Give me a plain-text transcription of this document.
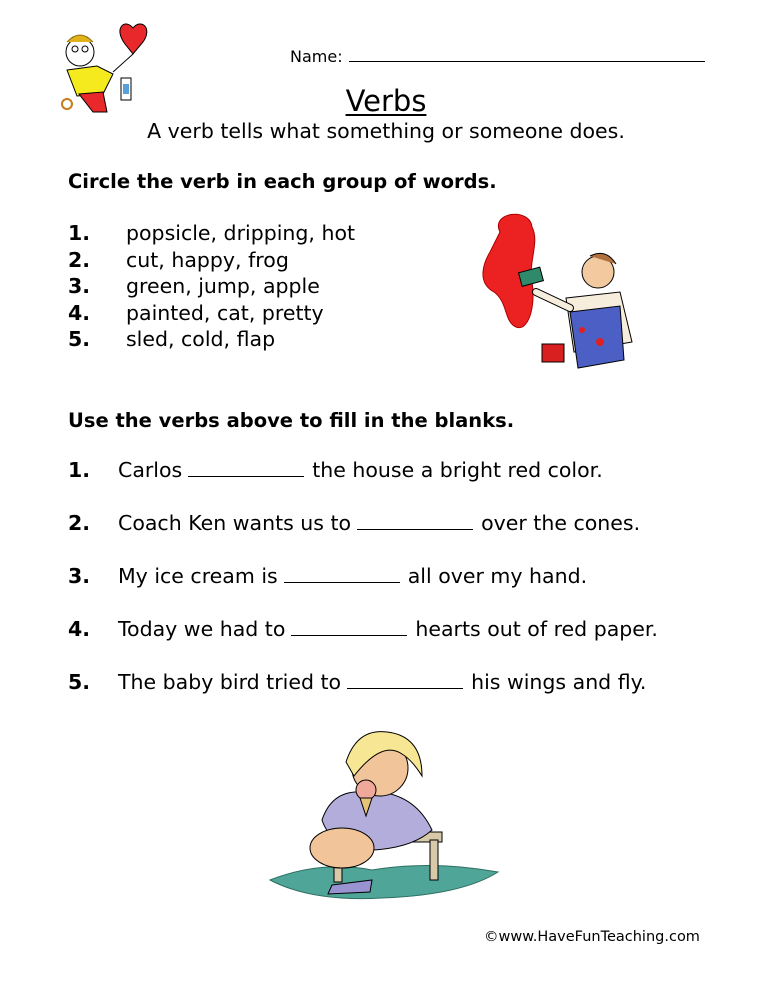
Name:
Verbs
A verb tells what something or someone does.
Circle the verb in each group of words.
1.	popsicle, dripping, hot
2.	cut, happy, frog
3.	green, jump, apple
4.	painted, cat, pretty
5.	sled, cold, flap
Use the verbs above to fill in the blanks.
1.	Carlos	the house a bright red color.
2.	Coach Ken wants us to	over the cones.
3.	My ice cream is	all over my hand.
4.	Today we had to	hearts out of red paper.
5.	The baby bird tried to	his wings and fly.
©www.HaveFunTeaching.com
